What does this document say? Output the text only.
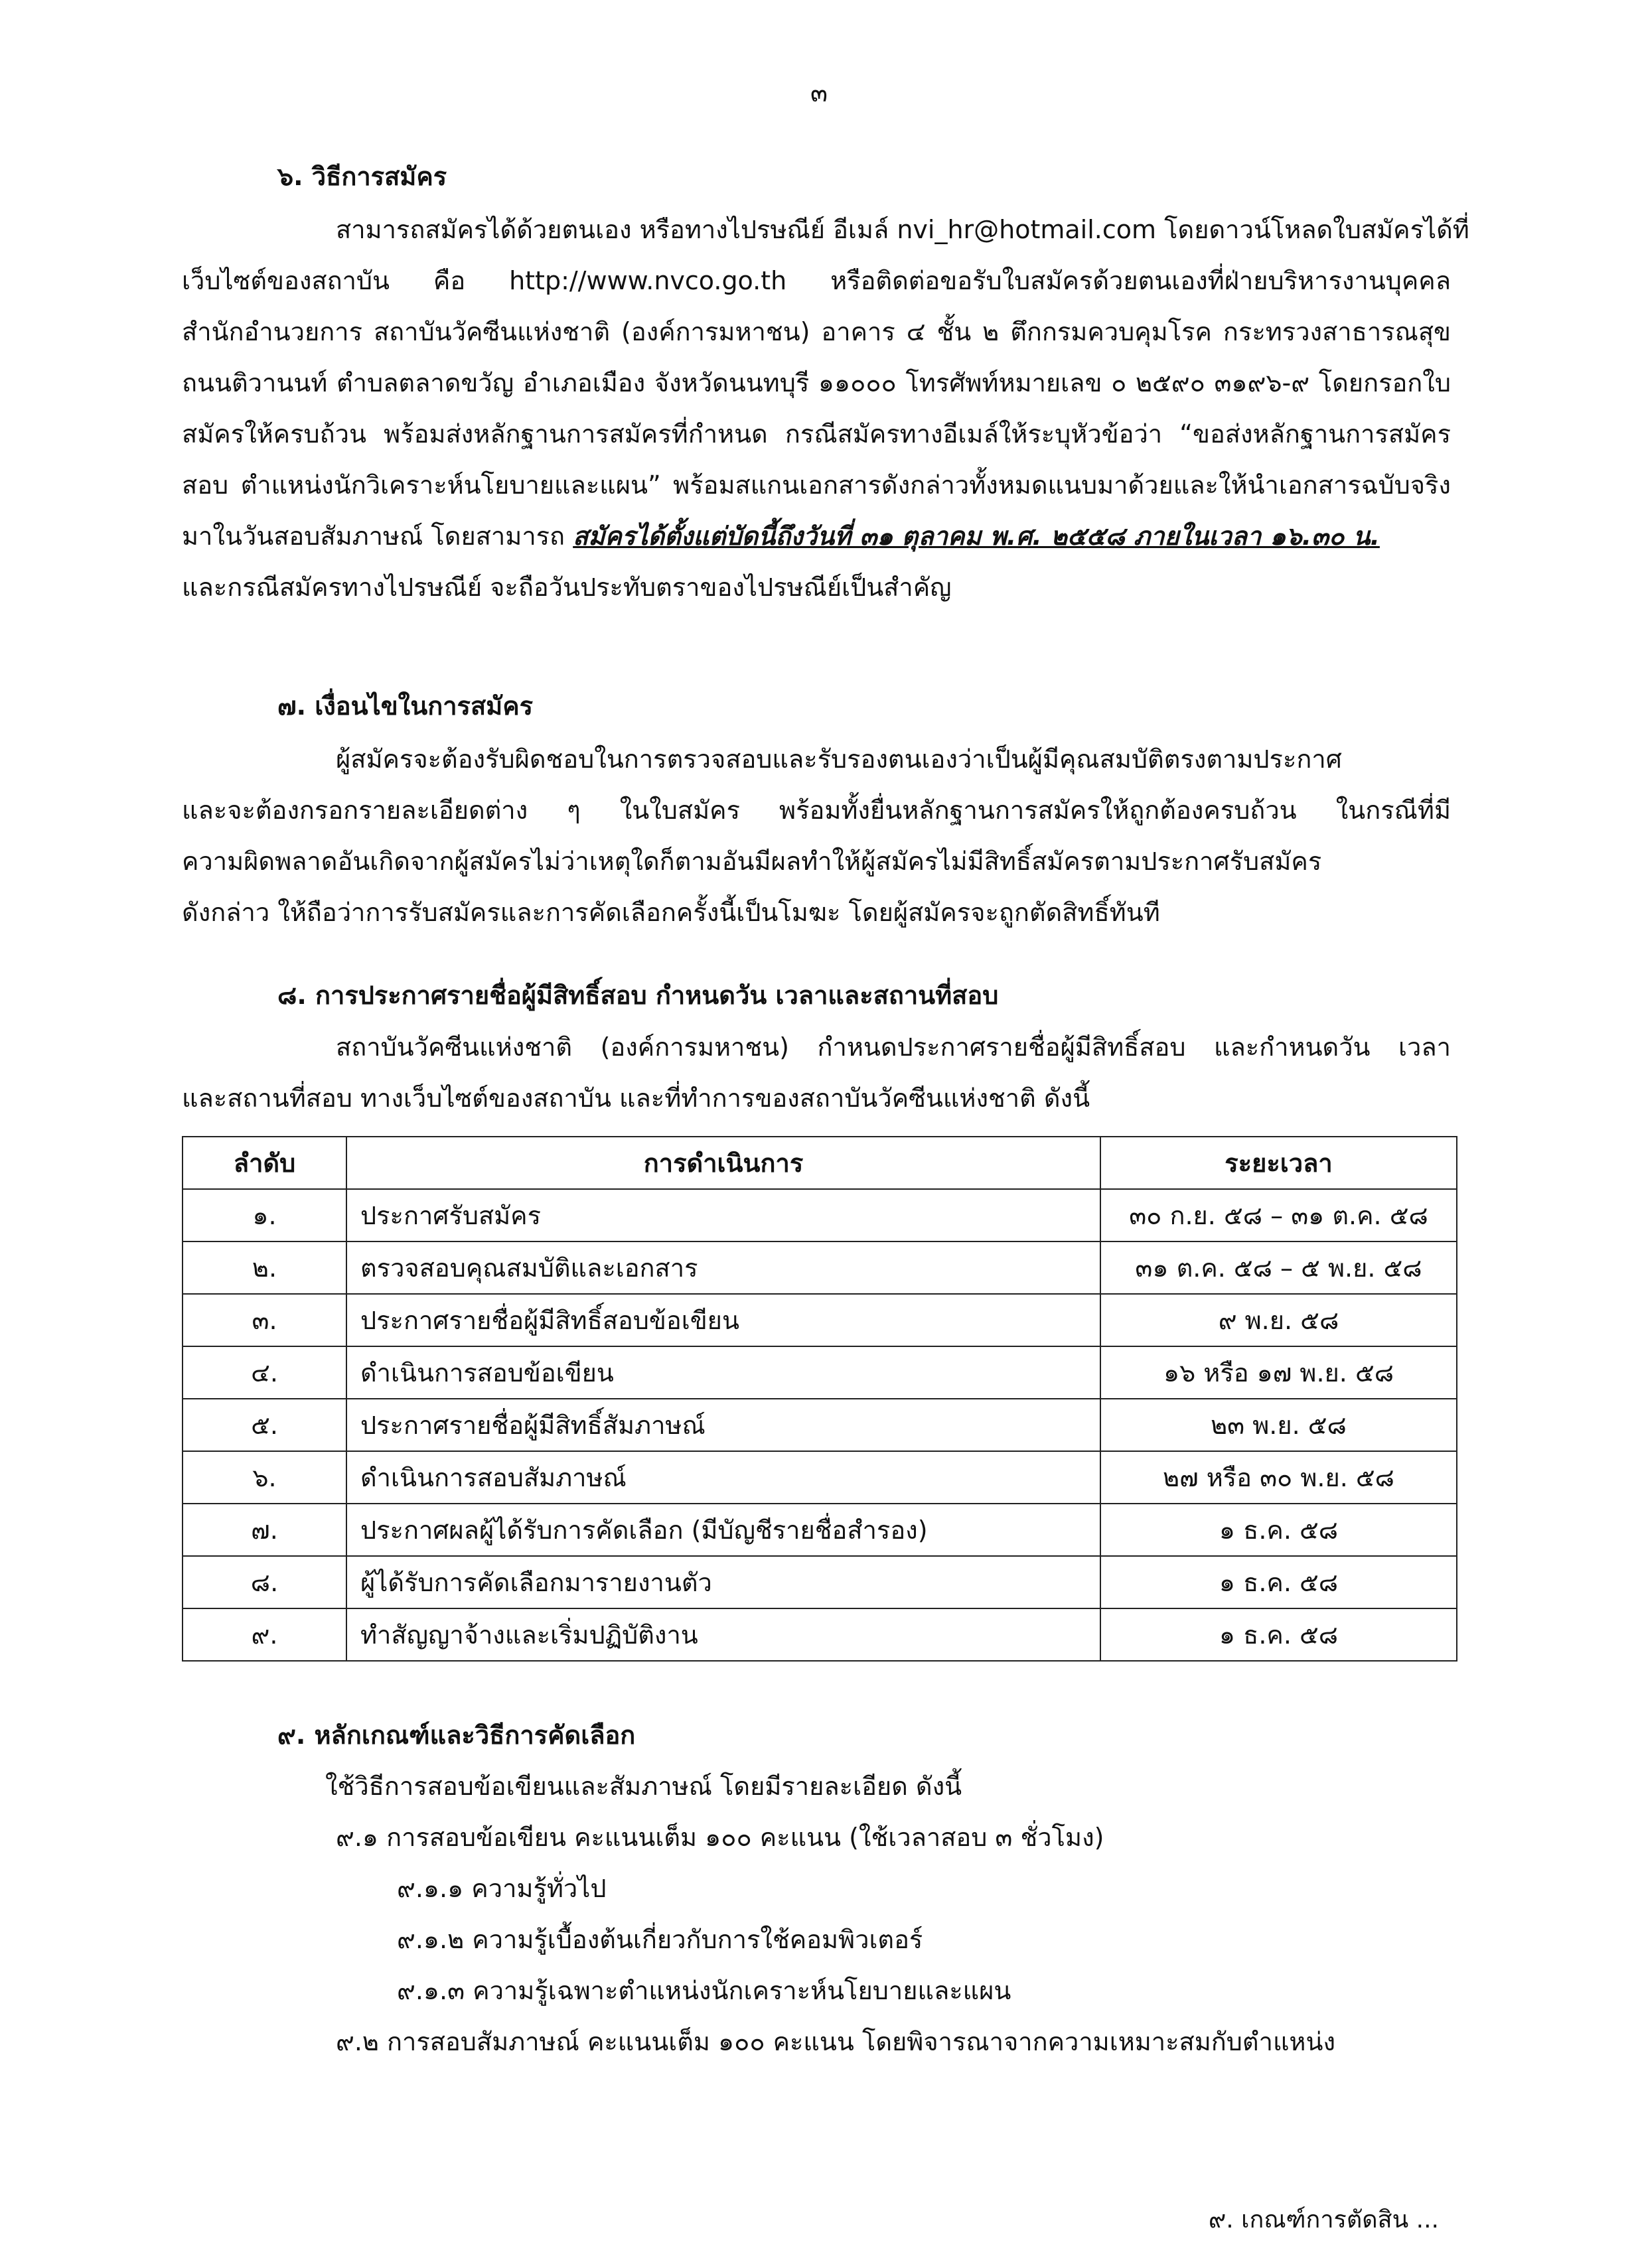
๓
๖. วิธีการสมัคร
สามารถสมัครได้ด้วยตนเอง หรือทางไปรษณีย์ อีเมล์ nvi_hr@hotmail.com โดยดาวน์โหลดใบสมัครได้ที่
เว็บไซต์ของสถาบัน คือ http://www.nvco.go.th หรือติดต่อขอรับใบสมัครด้วยตนเองที่ฝ่ายบริหารงานบุคคล
สำนักอำนวยการ สถาบันวัคซีนแห่งชาติ (องค์การมหาชน) อาคาร ๔ ชั้น ๒ ตึกกรมควบคุมโรค กระทรวงสาธารณสุข
ถนนติวานนท์ ตำบลตลาดขวัญ อำเภอเมือง จังหวัดนนทบุรี ๑๑๐๐๐ โทรศัพท์หมายเลข ๐ ๒๕๙๐ ๓๑๙๖-๙ โดยกรอกใบ
สมัครให้ครบถ้วน พร้อมส่งหลักฐานการสมัครที่กำหนด กรณีสมัครทางอีเมล์ให้ระบุหัวข้อว่า “ขอส่งหลักฐานการสมัคร
สอบ ตำแหน่งนักวิเคราะห์นโยบายและแผน” พร้อมสแกนเอกสารดังกล่าวทั้งหมดแนบมาด้วยและให้นำเอกสารฉบับจริง
มาในวันสอบสัมภาษณ์ โดยสามารถ สมัครได้ตั้งแต่บัดนี้ถึงวันที่ ๓๑ ตุลาคม พ.ศ. ๒๕๕๘ ภายในเวลา ๑๖.๓๐ น.
และกรณีสมัครทางไปรษณีย์ จะถือวันประทับตราของไปรษณีย์เป็นสำคัญ
๗. เงื่อนไขในการสมัคร
ผู้สมัครจะต้องรับผิดชอบในการตรวจสอบและรับรองตนเองว่าเป็นผู้มีคุณสมบัติตรงตามประกาศ
และจะต้องกรอกรายละเอียดต่าง ๆ ในใบสมัคร พร้อมทั้งยื่นหลักฐานการสมัครให้ถูกต้องครบถ้วน ในกรณีที่มี
ความผิดพลาดอันเกิดจากผู้สมัครไม่ว่าเหตุใดก็ตามอันมีผลทำให้ผู้สมัครไม่มีสิทธิ์สมัครตามประกาศรับสมัคร
ดังกล่าว ให้ถือว่าการรับสมัครและการคัดเลือกครั้งนี้เป็นโมฆะ โดยผู้สมัครจะถูกตัดสิทธิ์ทันที
๘. การประกาศรายชื่อผู้มีสิทธิ์สอบ กำหนดวัน เวลาและสถานที่สอบ
สถาบันวัคซีนแห่งชาติ (องค์การมหาชน) กำหนดประกาศรายชื่อผู้มีสิทธิ์สอบ และกำหนดวัน เวลา
และสถานที่สอบ ทางเว็บไซต์ของสถาบัน และที่ทำการของสถาบันวัคซีนแห่งชาติ ดังนี้
ลำดับ	การดำเนินการ	ระยะเวลา
๑.	ประกาศรับสมัคร	๓๐ ก.ย. ๕๘ – ๓๑ ต.ค. ๕๘
๒.	ตรวจสอบคุณสมบัติและเอกสาร	๓๑ ต.ค. ๕๘ – ๕ พ.ย. ๕๘
๓.	ประกาศรายชื่อผู้มีสิทธิ์สอบข้อเขียน	๙ พ.ย. ๕๘
๔.	ดำเนินการสอบข้อเขียน	๑๖ หรือ ๑๗ พ.ย. ๕๘
๕.	ประกาศรายชื่อผู้มีสิทธิ์สัมภาษณ์	๒๓ พ.ย. ๕๘
๖.	ดำเนินการสอบสัมภาษณ์	๒๗ หรือ ๓๐ พ.ย. ๕๘
๗.	ประกาศผลผู้ได้รับการคัดเลือก (มีบัญชีรายชื่อสำรอง)	๑ ธ.ค. ๕๘
๘.	ผู้ได้รับการคัดเลือกมารายงานตัว	๑ ธ.ค. ๕๘
๙.	ทำสัญญาจ้างและเริ่มปฏิบัติงาน	๑ ธ.ค. ๕๘
๙. หลักเกณฑ์และวิธีการคัดเลือก
ใช้วิธีการสอบข้อเขียนและสัมภาษณ์ โดยมีรายละเอียด ดังนี้
๙.๑ การสอบข้อเขียน คะแนนเต็ม ๑๐๐ คะแนน (ใช้เวลาสอบ ๓ ชั่วโมง)
๙.๑.๑ ความรู้ทั่วไป
๙.๑.๒ ความรู้เบื้องต้นเกี่ยวกับการใช้คอมพิวเตอร์
๙.๑.๓ ความรู้เฉพาะตำแหน่งนักเคราะห์นโยบายและแผน
๙.๒ การสอบสัมภาษณ์ คะแนนเต็ม ๑๐๐ คะแนน โดยพิจารณาจากความเหมาะสมกับตำแหน่ง
๙. เกณฑ์การตัดสิน ...
